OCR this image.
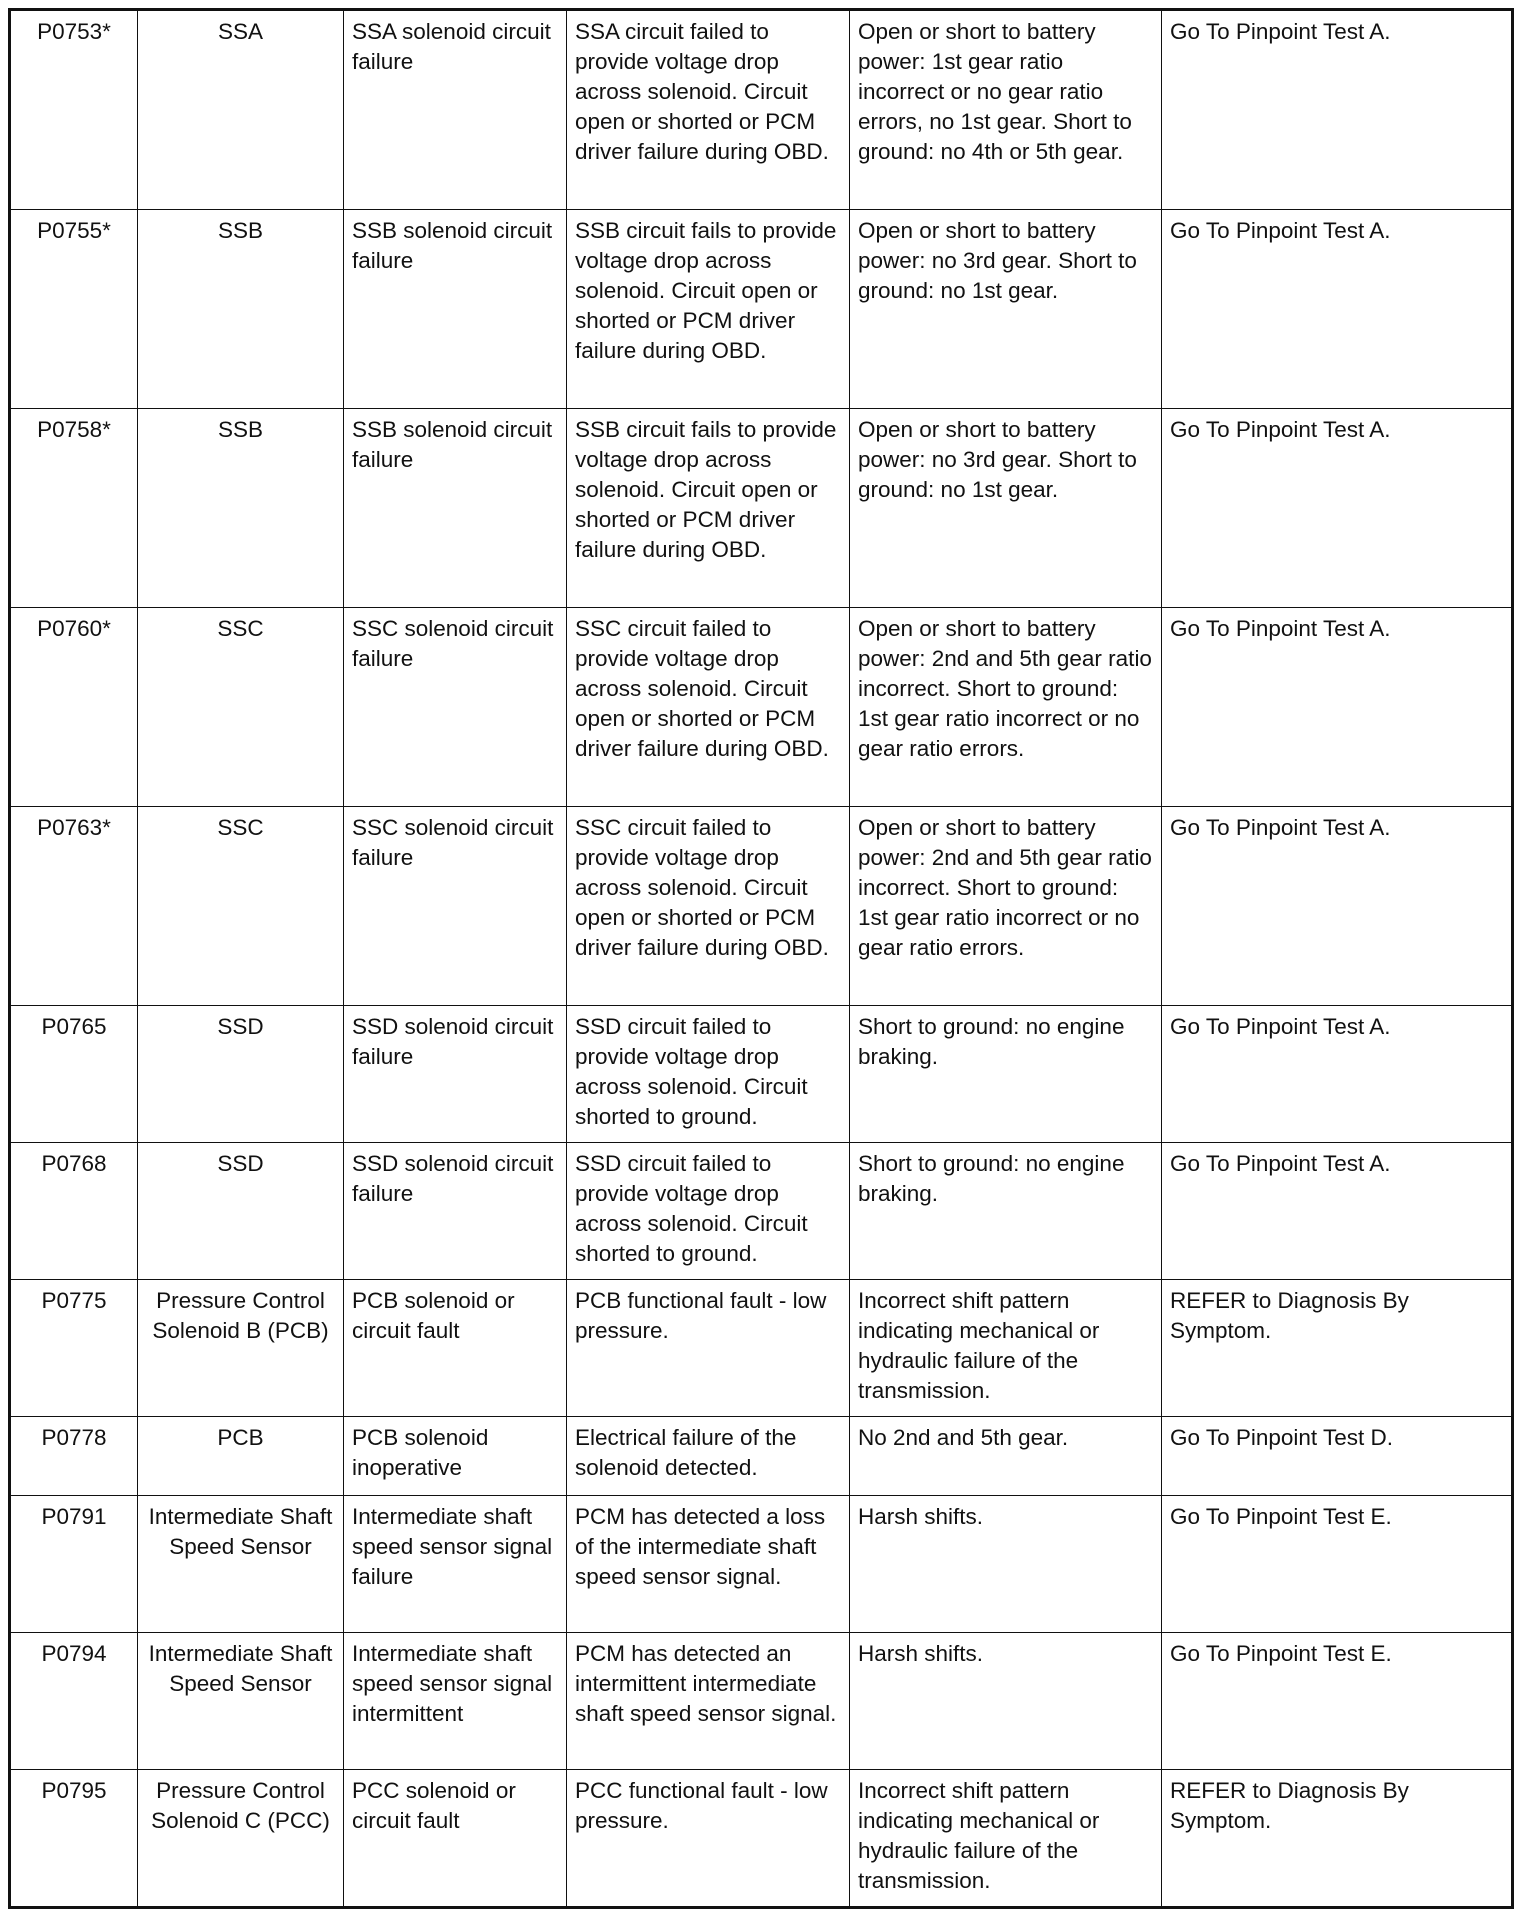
P0753*	SSA	SSA solenoid circuit failure	SSA circuit failed to provide voltage drop across solenoid. Circuit open or shorted or PCM driver failure during OBD.	Open or short to battery power: 1st gear ratio incorrect or no gear ratio errors, no 1st gear. Short to ground: no 4th or 5th gear.	Go To Pinpoint Test A.
P0755*	SSB	SSB solenoid circuit failure	SSB circuit fails to provide voltage drop across solenoid. Circuit open or shorted or PCM driver failure during OBD.	Open or short to battery power: no 3rd gear. Short to ground: no 1st gear.	Go To Pinpoint Test A.
P0758*	SSB	SSB solenoid circuit failure	SSB circuit fails to provide voltage drop across solenoid. Circuit open or shorted or PCM driver failure during OBD.	Open or short to battery power: no 3rd gear. Short to ground: no 1st gear.	Go To Pinpoint Test A.
P0760*	SSC	SSC solenoid circuit failure	SSC circuit failed to provide voltage drop across solenoid. Circuit open or shorted or PCM driver failure during OBD.	Open or short to battery power: 2nd and 5th gear ratio incorrect. Short to ground: 1st gear ratio incorrect or no gear ratio errors.	Go To Pinpoint Test A.
P0763*	SSC	SSC solenoid circuit failure	SSC circuit failed to provide voltage drop across solenoid. Circuit open or shorted or PCM driver failure during OBD.	Open or short to battery power: 2nd and 5th gear ratio incorrect. Short to ground: 1st gear ratio incorrect or no gear ratio errors.	Go To Pinpoint Test A.
P0765	SSD	SSD solenoid circuit failure	SSD circuit failed to provide voltage drop across solenoid. Circuit shorted to ground.	Short to ground: no engine braking.	Go To Pinpoint Test A.
P0768	SSD	SSD solenoid circuit failure	SSD circuit failed to provide voltage drop across solenoid. Circuit shorted to ground.	Short to ground: no engine braking.	Go To Pinpoint Test A.
P0775	Pressure Control Solenoid B (PCB)	PCB solenoid or circuit fault	PCB functional fault - low pressure.	Incorrect shift pattern indicating mechanical or hydraulic failure of the transmission.	REFER to Diagnosis By Symptom.
P0778	PCB	PCB solenoid inoperative	Electrical failure of the solenoid detected.	No 2nd and 5th gear.	Go To Pinpoint Test D.
P0791	Intermediate Shaft Speed Sensor	Intermediate shaft speed sensor signal failure	PCM has detected a loss of the intermediate shaft speed sensor signal.	Harsh shifts.	Go To Pinpoint Test E.
P0794	Intermediate Shaft Speed Sensor	Intermediate shaft speed sensor signal intermittent	PCM has detected an intermittent intermediate shaft speed sensor signal.	Harsh shifts.	Go To Pinpoint Test E.
P0795	Pressure Control Solenoid C (PCC)	PCC solenoid or circuit fault	PCC functional fault - low pressure.	Incorrect shift pattern indicating mechanical or hydraulic failure of the transmission.	REFER to Diagnosis By Symptom.
